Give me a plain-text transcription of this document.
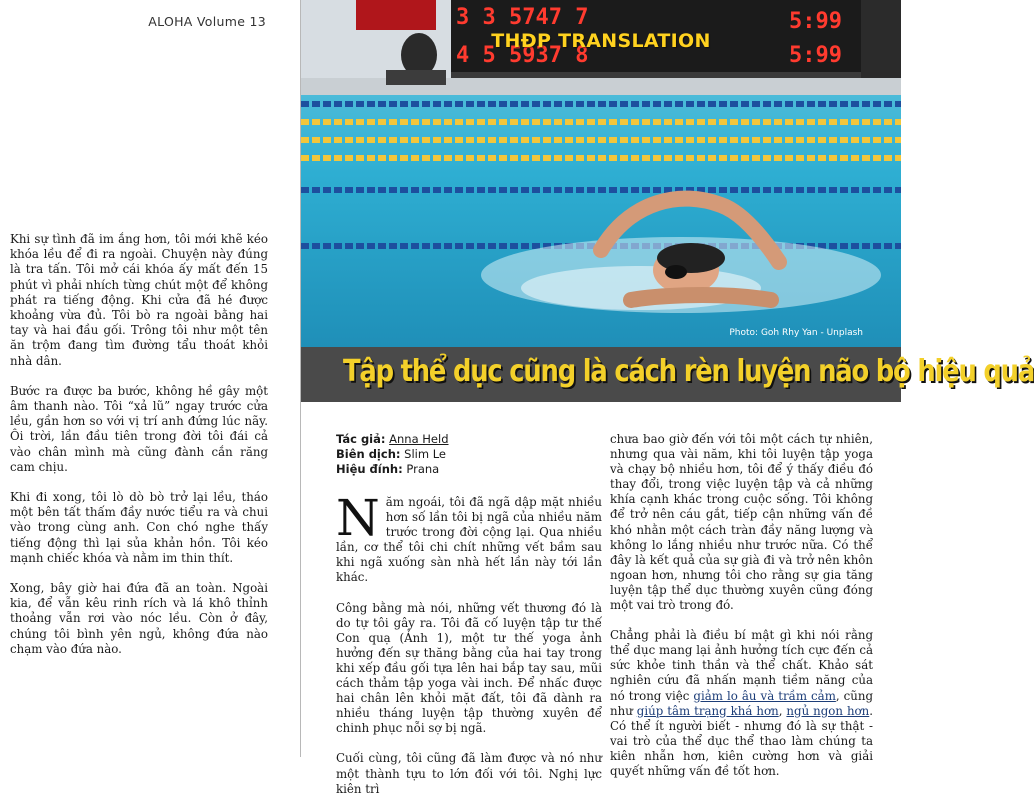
ALOHA Volume 13

Khi sự tình đã im ắng hơn, tôi mới khẽ kéo khóa lều để đi ra ngoài. Chuyện này đúng là tra tấn. Tôi mở cái khóa ấy mất đến 15 phút vì phải nhích từng chút một để không phát ra tiếng động. Khi cửa đã hé được khoảng vừa đủ. Tôi bò ra ngoài bằng hai tay và hai đầu gối. Trông tôi như một tên ăn trộm đang tìm đường tẩu thoát khỏi nhà dân.

Bước ra được ba bước, không hề gây một âm thanh nào. Tôi “xả lũ” ngay trước cửa lều, gần hơn so với vị trí anh đứng lúc nãy. Ôi trời, lần đầu tiên trong đời tôi đái cả vào chân mình mà cũng đành cắn răng cam chịu.

Khi đi xong, tôi lò dò bò trở lại lều, tháo một bên tất thấm đầy nước tiểu ra và chui vào trong cùng anh. Con chó nghe thấy tiếng động thì lại sủa khản hồn. Tôi kéo mạnh chiếc khóa và nằm im thin thít.

Xong, bây giờ hai đứa đã an toàn. Ngoài kia, để vẫn kêu rinh rích và lá khô thỉnh thoảng vẫn rơi vào nóc lều. Còn ở đây, chúng tôi bình yên ngủ, không đứa nào chạm vào đứa nào.

3 3 5747 7	5:99
4 5 5937 8	5:99
THĐP TRANSLATION
Photo: Goh Rhy Yan - Unplash
Tập thể dục cũng là cách rèn luyện não bộ hiệu quả
Tác giả: Anna Held
Biên dịch: Slim Le
Hiệu đính: Prana

Năm ngoái, tôi đã ngã dập mặt nhiều hơn số lần tôi bị ngã của nhiều năm trước trong đời cộng lại. Qua nhiều lần, cơ thể tôi chi chít những vết bầm sau khi ngã xuống sàn nhà hết lần này tới lần khác.

Công bằng mà nói, những vết thương đó là do tự tôi gây ra. Tôi đã cố luyện tập tư thế Con quạ (Ảnh 1), một tư thế yoga ảnh hưởng đến sự thăng bằng của hai tay trong khi xếp đầu gối tựa lên hai bắp tay sau, mũi cách thảm tập yoga vài inch. Để nhấc được hai chân lên khỏi mặt đất, tôi đã dành ra nhiều tháng luyện tập thường xuyên để chinh phục nỗi sợ bị ngã.

Cuối cùng, tôi cũng đã làm được và nó như một thành tựu to lớn đối với tôi. Nghị lực kiên trì

chưa bao giờ đến với tôi một cách tự nhiên, nhưng qua vài năm, khi tôi luyện tập yoga và chạy bộ nhiều hơn, tôi để ý thấy điều đó thay đổi, trong việc luyện tập và cả những khía cạnh khác trong cuộc sống. Tôi không để trở nên cáu gắt, tiếp cận những vấn đề khó nhằn một cách tràn đầy năng lượng và không lo lắng nhiều như trước nữa. Có thể đây là kết quả của sự già đi và trở nên khôn ngoan hơn, nhưng tôi cho rằng sự gia tăng luyện tập thể dục thường xuyên cũng đóng một vai trò trong đó.

Chẳng phải là điều bí mật gì khi nói rằng thể dục mang lại ảnh hưởng tích cực đến cả sức khỏe tinh thần và thể chất. Khảo sát nghiên cứu đã nhấn mạnh tiềm năng của nó trong việc giảm lo âu và trầm cảm, cũng như giúp tâm trạng khá hơn, ngủ ngon hơn. Có thể ít người biết - nhưng đó là sự thật - vai trò của thể dục thể thao làm chúng ta kiên nhẫn hơn, kiên cường hơn và giải quyết những vấn đề tốt hơn.
